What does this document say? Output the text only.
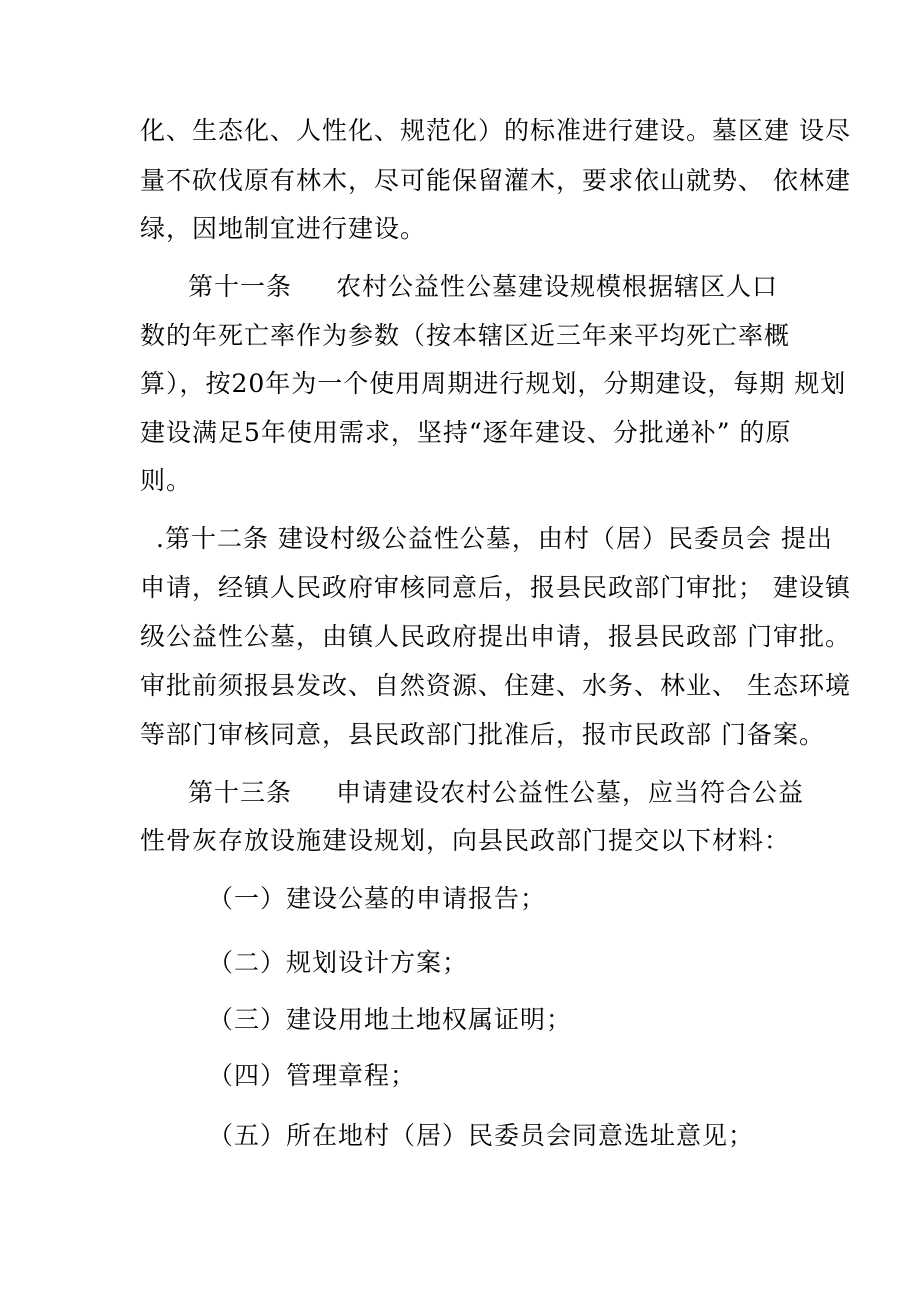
化、生态化、人性化、规范化）的标准进行建设。墓区建 设尽
量不砍伐原有林木，尽可能保留灌木，要求依山就势、 依林建
绿，因地制宜进行建设。
第十一条 农村公益性公墓建设规模根据辖区人口
数的年死亡率作为参数（按本辖区近三年来平均死亡率概
算），按20年为一个使用周期进行规划，分期建设，每期 规划
建设满足5年使用需求，坚持“逐年建设、分批递补” 的原
则。
.第十二条 建设村级公益性公墓，由村（居）民委员会 提出
申请，经镇人民政府审核同意后，报县民政部门审批； 建设镇
级公益性公墓，由镇人民政府提出申请，报县民政部 门审批。
审批前须报县发改、自然资源、住建、水务、林业、 生态环境
等部门审核同意，县民政部门批准后，报市民政部 门备案。
第十三条 申请建设农村公益性公墓，应当符合公益
性骨灰存放设施建设规划，向县民政部门提交以下材料：
（一）建设公墓的申请报告；
（二）规划设计方案；
（三）建设用地土地权属证明；
（四）管理章程；
（五）所在地村（居）民委员会同意选址意见；
